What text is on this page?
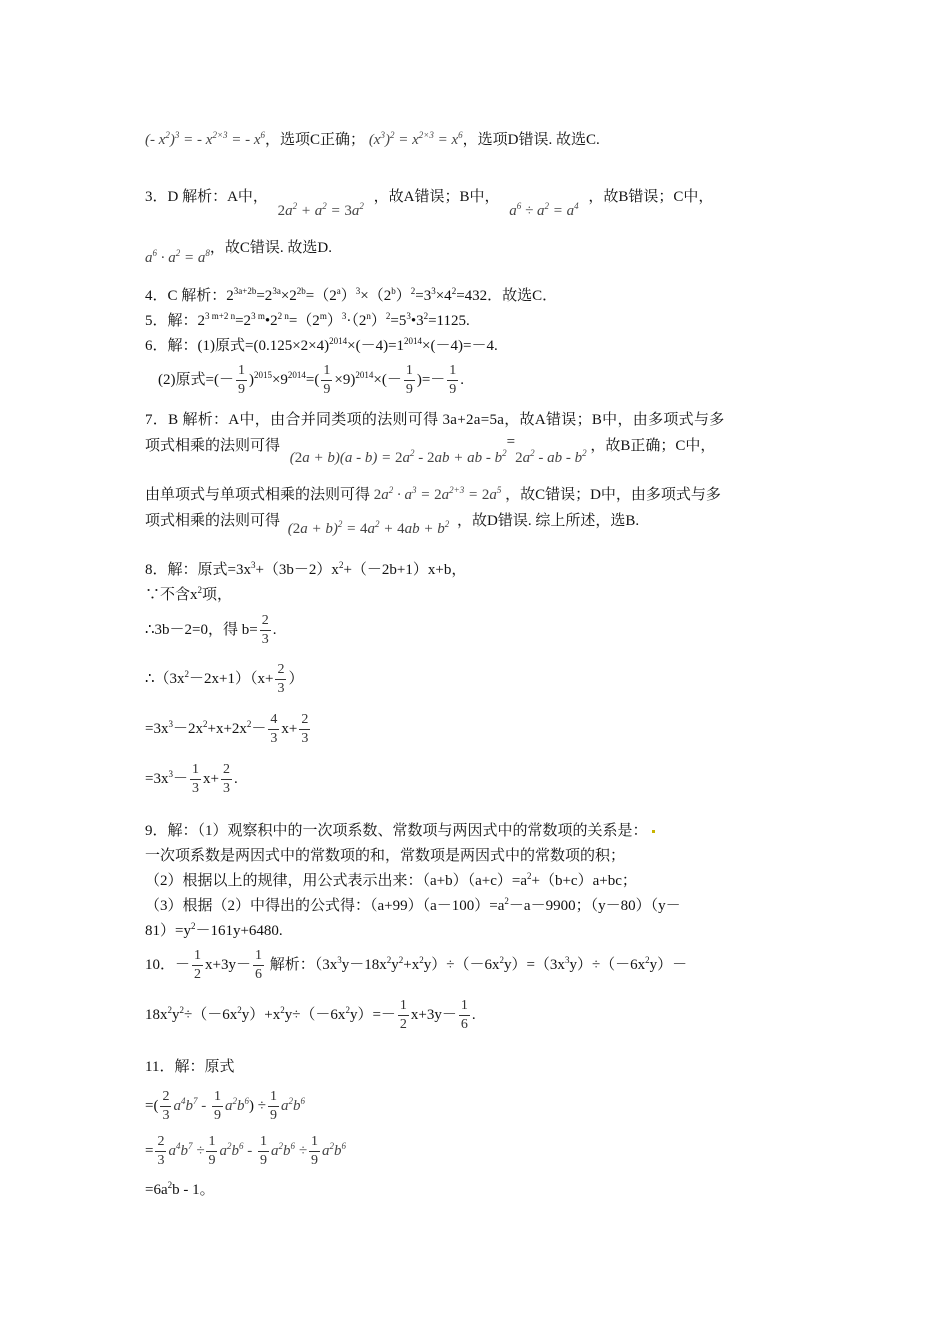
(- $x^2)^3$ = - $x^{2\times 3}$ = - $x^6$，选项C正确； $(x^3)^2 = x^{2\times 3} = x^6$，选项D错误. 故选C.
3．D 解析：A中， $2a^2 + a^2 = 3a^2$ ，故A错误；B中， $a^6 \div a^2 = a^4$ ，故B错误；C中，
$a^6 \cdot a^2 = a^8$，故C错误. 故选D.
4．C 解析：$2^{3a+2b}=2^{3a}\times 2^{2b}=(2^a)^3\times(2^b)^2=3^3\times 4^2=432$．故选C．
5．解：$2^{3 m+2 n}=2^{3 m}•2^{2 n}=(2^m)^3\cdot(2^n)^2=5^3•3^2=1125$.
6．解：(1)原式$=(0.125\times 2\times 4)^{2014}\times(-4)=1^{2014}\times(-4)=-4$.
(2)原式=(－ $\frac{1}{9} )^{2015}\times 9^{2014}=( \frac{1}{9} \times 9)^{2014}\times(- \frac{1}{9}$ )=－ $\frac{1}{9}$ .
7．B 解析：A中，由合并同类项的法则可得 3a+2a=5a，故A错误；B中，由多项式与多
项式相乘的法则可得 $(2a + b)(a - b) = 2a^2 - 2ab$ + ab - $b^2=2a^2$ - ab - $b^2$ ，故B正确；C中，
由单项式与单项式相乘的法则可得 $2a^2 \cdot a^3 = 2a^{2+3} = 2a^5$ ，故C错误；D中，由多项式与多
项式相乘的法则可得 $(2a + b)^2 = 4a^2 + 4ab + b^2$ ，故D错误. 综上所述，选B.
8．解：原式$=3x^3+(3b-2)x^2+(-2b+1)x+b$，
∵不含$x^2$项，
∴3b－2=0，得 $b= \frac{2}{3}$ .
$\therefore(3x^2-2x+1)(x+ \frac{2}{3}$ ）
$=3x^3-2x^2+x+2x^2- \frac{4}{3} x+ \frac{2}{3}$
$=3x^3- \frac{1}{3} x+ \frac{2}{3}$ .
9．解：（1）观察积中的一次项系数、常数项与两因式中的常数项的关系是：
一次项系数是两因式中的常数项的和，常数项是两因式中的常数项的积；
（2）根据以上的规律，用公式表示出来：$(a+b)(a+c)=a^2+(b+c)a+bc$；
（3）根据（2）中得出的公式得：$(a+99)(a-100)=a^2-a-9900$；（y－80）（y－
$81)=y^2-161y+6480$.
10．－ $\frac{1}{2} x+3y- \frac{1}{6}$ 解析：$(3x^3y-18x^2y^2+x^2y)\div(-6x^2y)=(3x^3y)\div(-6x^2y)-$
$18x^2y^2\div(-6x^2y)+x^2y\div(-6x^2y)=- \frac{1}{2} x+3y- \frac{1}{6}$ .
11．解：原式
=( $\frac{2}{3} a^4b^7 - \frac{1}{9} a^2b^6) \div \frac{1}{9} a^2b^6$
= $\frac{2}{3} a^4b^7 \div \frac{1}{9} a^2b^6 - \frac{1}{9} a^2b^6 \div \frac{1}{9} a^2b^6$
$=6a^2b - 1$。
